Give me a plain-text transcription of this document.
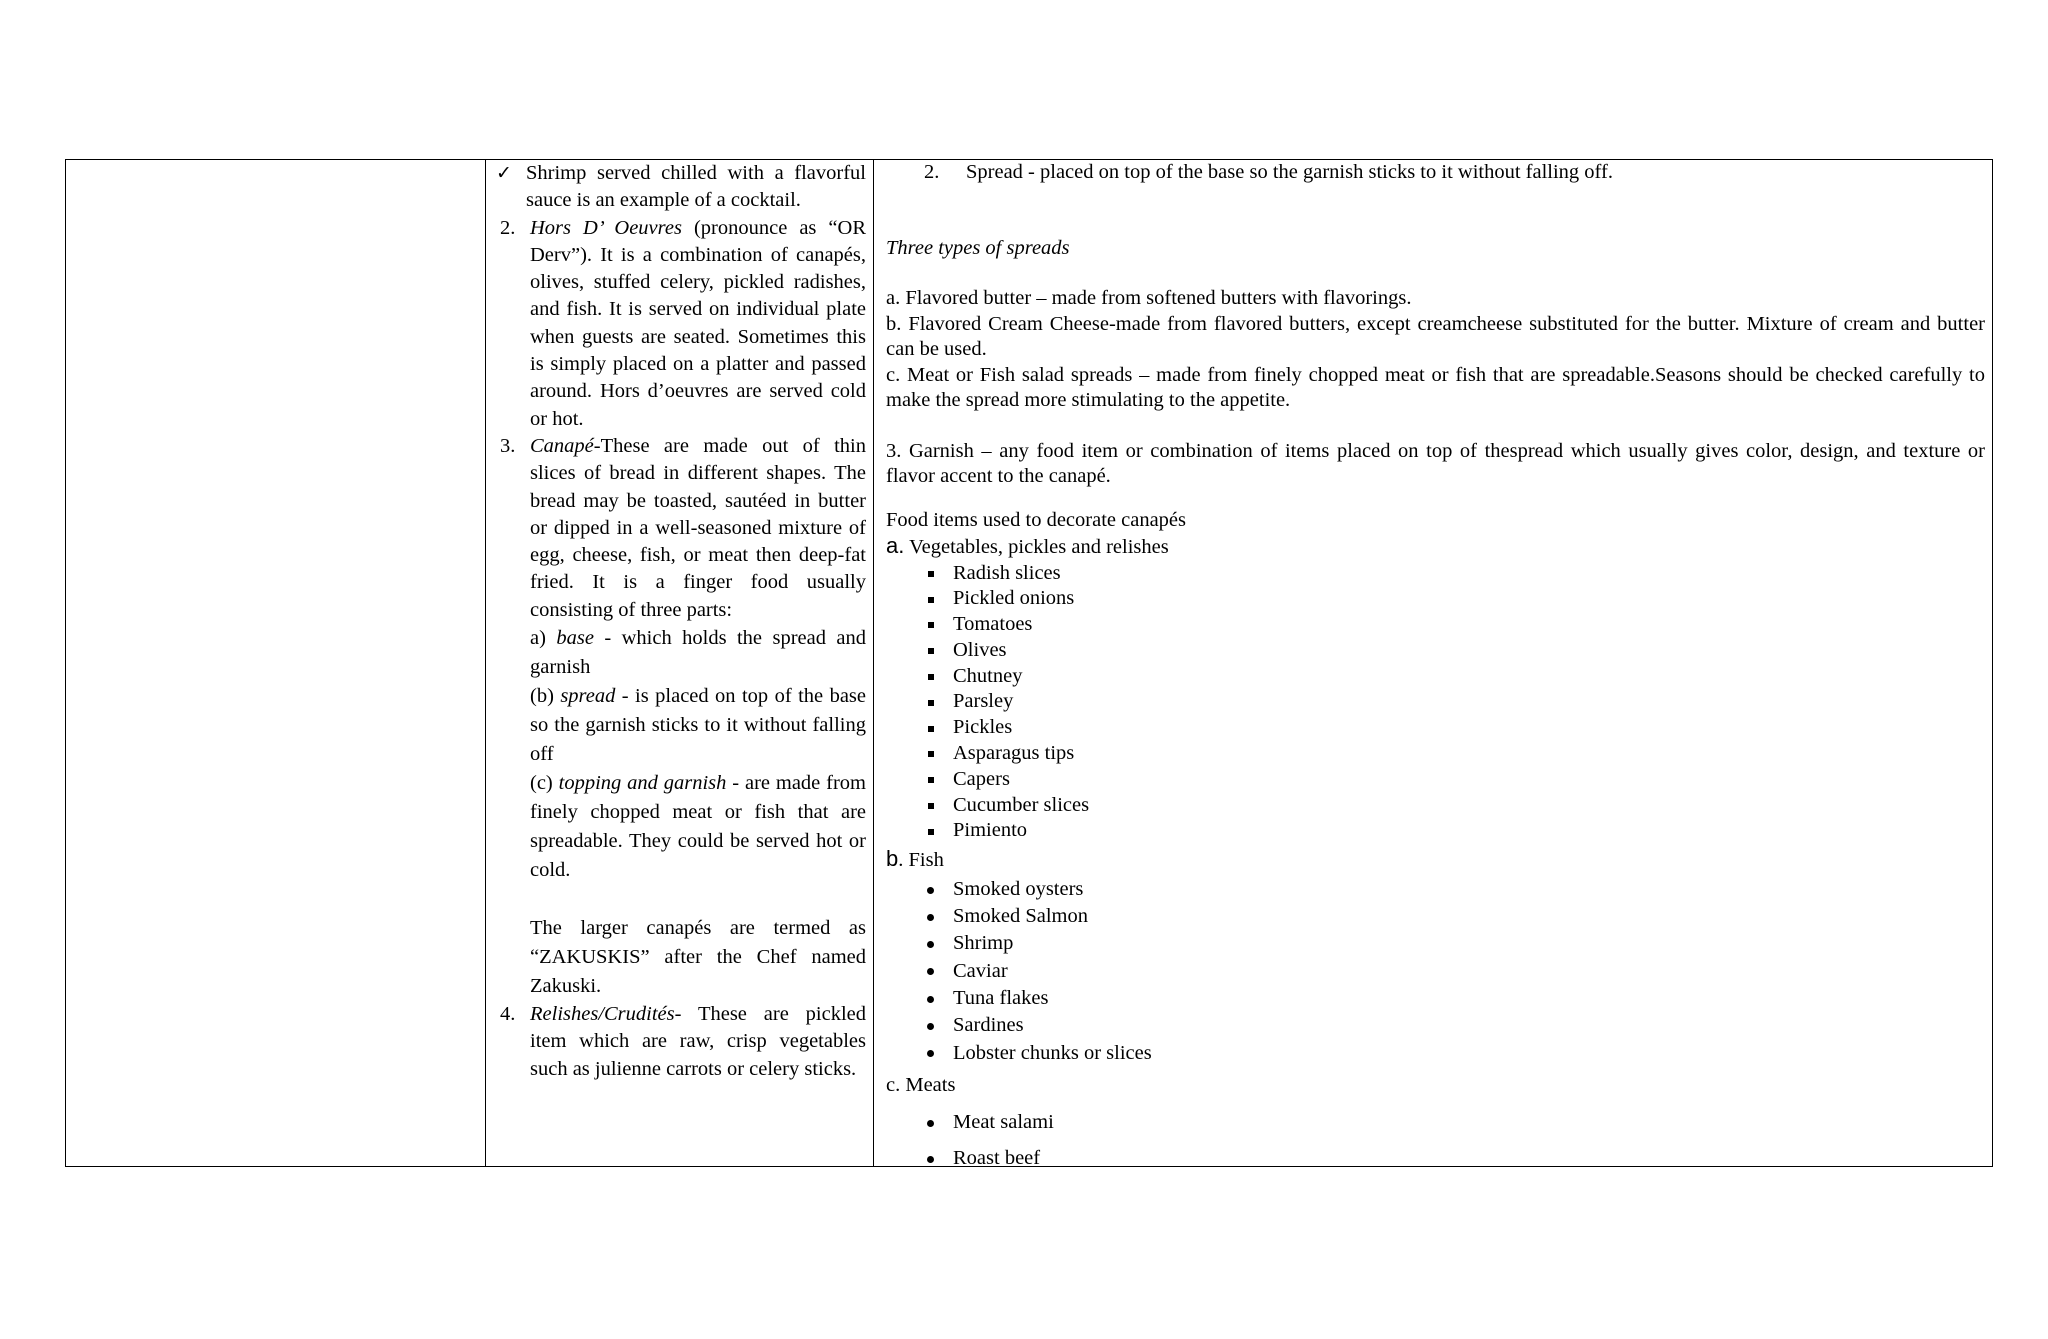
✓ Shrimp served chilled with a flavorful sauce is an example of a cocktail.

2. Hors D’ Oeuvres (pronounce as “OR Derv”). It is a combination of canapés, olives, stuffed celery, pickled radishes, and fish. It is served on individual plate when guests are seated. Sometimes this is simply placed on a platter and passed around. Hors d’oeuvres are served cold or hot.

3. Canapé-These are made out of thin slices of bread in different shapes. The bread may be toasted, sautéed in butter or dipped in a well-seasoned mixture of egg, cheese, fish, or meat then deep-fat fried. It is a finger food usually consisting of three parts:

a) base - which holds the spread and garnish

(b) spread - is placed on top of the base so the garnish sticks to it without falling off

(c) topping and garnish - are made from finely chopped meat or fish that are spreadable. They could be served hot or cold.

The larger canapés are termed as “ZAKUSKIS” after the Chef named Zakuski.

4. Relishes/Crudités- These are pickled item which are raw, crisp vegetables such as julienne carrots or celery sticks.

2.	Spread - placed on top of the base so the garnish sticks to it without falling off.
Three types of spreads
a. Flavored butter – made from softened butters with flavorings.
b. Flavored Cream Cheese-made from flavored butters, except creamcheese substituted for the butter. Mixture of cream and butter can be used.
c. Meat or Fish salad spreads – made from finely chopped meat or fish that are spreadable.Seasons should be checked carefully to make the spread more stimulating to the appetite.
3. Garnish – any food item or combination of items placed on top of thespread which usually gives color, design, and texture or flavor accent to the canapé.
Food items used to decorate canapés
a. Vegetables, pickles and relishes
Radish slices
Pickled onions
Tomatoes
Olives
Chutney
Parsley
Pickles
Asparagus tips
Capers
Cucumber slices
Pimiento
b. Fish
Smoked oysters
Smoked Salmon
Shrimp
Caviar
Tuna flakes
Sardines
Lobster chunks or slices
c. Meats
Meat salami
Roast beef
